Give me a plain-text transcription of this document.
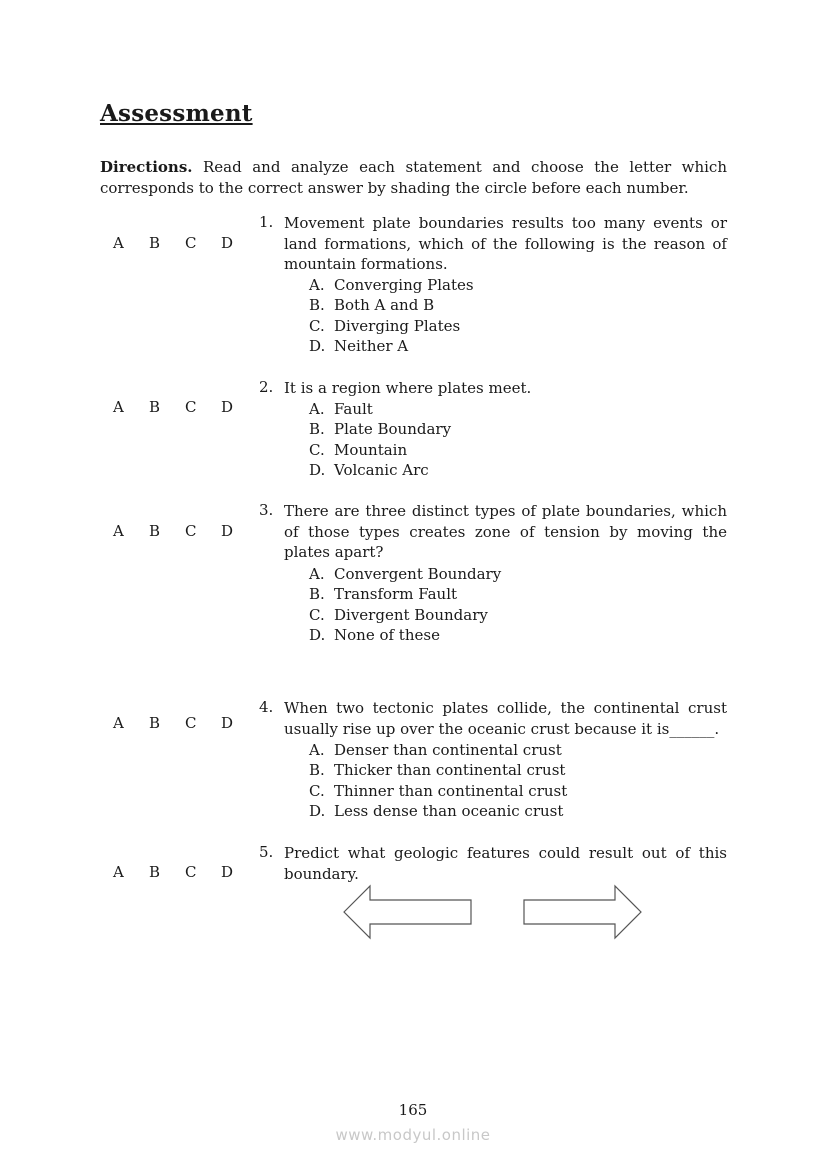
Assessment
Directions. Read and analyze each statement and choose the letter which corresponds to the correct answer by shading the circle before each number.
A B C D
1. Movement plate boundaries results too many events or land formations, which of the following is the reason of mountain formations.
A. Converging Plates
B. Both A and B
C. Diverging Plates
D. Neither A
A B C D
2. It is a region where plates meet.
A. Fault
B. Plate Boundary
C. Mountain
D. Volcanic Arc
A B C D
3. There are three distinct types of plate boundaries, which of those types creates zone of tension by moving the plates apart?
A. Convergent Boundary
B. Transform Fault
C. Divergent Boundary
D. None of these
A B C D
4. When two tectonic plates collide, the continental crust usually rise up over the oceanic crust because it is______.
A. Denser than continental crust
B. Thicker than continental crust
C. Thinner than continental crust
D. Less dense than oceanic crust
A B C D
5. Predict what geologic features could result out of this boundary.
165
www.modyul.online
